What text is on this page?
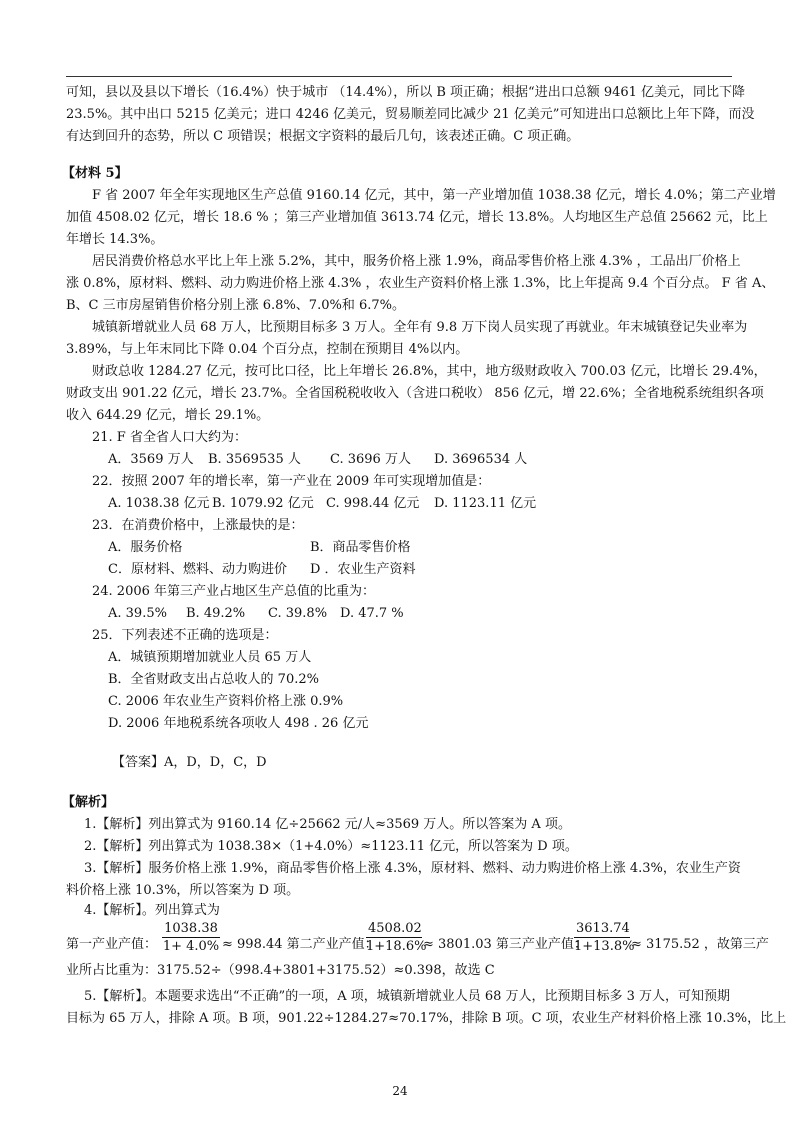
可知，县以及县以下增长（16.4%）快于城市 （14.4%），所以 B 项正确；根据“进出口总额 9461 亿美元，同比下降
23.5%。其中出口 5215 亿美元；进口 4246 亿美元，贸易顺差同比减少 21 亿美元”可知进出口总额比上年下降，而没
有达到回升的态势，所以 C 项错误；根据文字资料的最后几句，该表述正确。C 项正确。
【材料 5】
F 省 2007 年全年实现地区生产总值 9160.14 亿元，其中，第一产业增加值 1038.38 亿元，增长 4.0%；第二产业增
加值 4508.02 亿元，增长 18.6 % ；第三产业增加值 3613.74 亿元，增长 13.8%。人均地区生产总值 25662 元，比上
年增长 14.3%。
居民消费价格总水平比上年上涨 5.2%，其中，服务价格上涨 1.9%，商品零售价格上涨 4.3% ，工品出厂价格上
涨 0.8%，原材料、燃料、动力购进价格上涨 4.3% ，农业生产资料价格上涨 1.3%，比上年提高 9.4 个百分点。 F 省 A、
B、C 三市房屋销售价格分别上涨 6.8%、7.0%和 6.7%。
城镇新增就业人员 68 万人，比预期目标多 3 万人。全年有 9.8 万下岗人员实现了再就业。年末城镇登记失业率为
3.89%，与上年末同比下降 0.04 个百分点，控制在预期目 4%以内。
财政总收 1284.27 亿元，按可比口径，比上年增长 26.8%，其中，地方级财政收入 700.03 亿元，比增长 29.4%，
财政支出 901.22 亿元，增长 23.7%。全省国税税收收入（含进口税收） 856 亿元，增 22.6%；全省地税系统组织各项
收入 644.29 亿元，增长 29.1%。
21. F 省全省人口大约为：
A．3569 万人 B. 3569535 人 C. 3696 万人 D. 3696534 人
22．按照 2007 年的增长率，第一产业在 2009 年可实现增加值是：
A. 1038.38 亿元 B. 1079.92 亿元 C. 998.44 亿元 D. 1123.11 亿元
23．在消费价格中，上涨最快的是：
A．服务价格	B．商品零售价格
C．原材料、燃料、动力购进价 D ．农业生产资料
24. 2006 年第三产业占地区生产总值的比重为：
A. 39.5% B. 49.2% C. 39.8% D. 47.7 %
25．下列表述不正确的选项是：
A．城镇预期增加就业人员 65 万人
B．全省财政支出占总收人的 70.2%
C. 2006 年农业生产资料价格上涨 0.9%
D. 2006 年地税系统各项收人 498 . 26 亿元
【答案】A，D，D，C，D
【解析】
1.【解析】列出算式为 9160.14 亿÷25662 元/人≈3569 万人。所以答案为 A 项。
2.【解析】列出算式为 1038.38×（1+4.0%）≈1123.11 亿元，所以答案为 D 项。
3.【解析】服务价格上涨 1.9%，商品零售价格上涨 4.3%，原材料、燃料、动力购进价格上涨 4.3%，农业生产资
料价格上涨 10.3%，所以答案为 D 项。
4.【解析】。列出算式为
第一产业产值： $\frac{1038.38}{1+ 4.0\%} \approx 998.44$ 第二产业产值：
$\frac{4508.02}{1+18.6\%} \approx 3801.03$ 第三产业产值：
$\frac{3613.74}{1+13.8\%} \approx 3175.52$ ，故第三产
业所占比重为：3175.52÷（998.4+3801+3175.52）≈0.398，故选 C
5.【解析】。本题要求选出“不正确”的一项，A 项，城镇新增就业人员 68 万人，比预期目标多 3 万人，可知预期
目标为 65 万人，排除 A 项。B 项，901.22÷1284.27≈70.17%，排除 B 项。C 项，农业生产材料价格上涨 10.3%，比上
24
